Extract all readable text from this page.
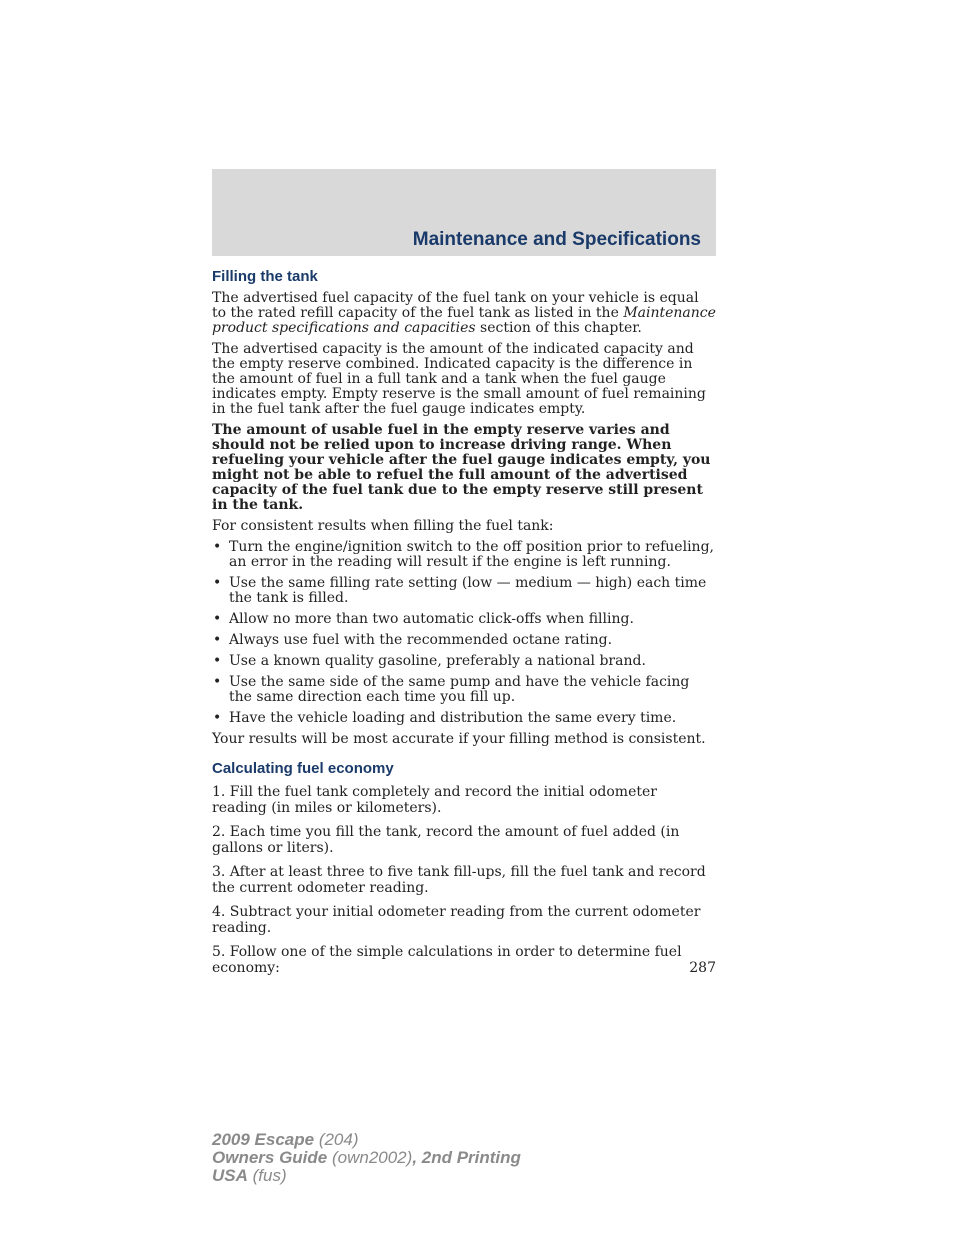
Maintenance and Specifications
Filling the tank

The advertised fuel capacity of the fuel tank on your vehicle is equal to the rated refill capacity of the fuel tank as listed in the Maintenance product specifications and capacities section of this chapter.

The advertised capacity is the amount of the indicated capacity and the empty reserve combined. Indicated capacity is the difference in the amount of fuel in a full tank and a tank when the fuel gauge indicates empty. Empty reserve is the small amount of fuel remaining in the fuel tank after the fuel gauge indicates empty.

The amount of usable fuel in the empty reserve varies and should not be relied upon to increase driving range. When refueling your vehicle after the fuel gauge indicates empty, you might not be able to refuel the full amount of the advertised capacity of the fuel tank due to the empty reserve still present in the tank.

For consistent results when filling the fuel tank:

• Turn the engine/ignition switch to the off position prior to refueling, an error in the reading will result if the engine is left running.
• Use the same filling rate setting (low — medium — high) each time the tank is filled.
• Allow no more than two automatic click-offs when filling.
• Always use fuel with the recommended octane rating.
• Use a known quality gasoline, preferably a national brand.
• Use the same side of the same pump and have the vehicle facing the same direction each time you fill up.
• Have the vehicle loading and distribution the same every time.

Your results will be most accurate if your filling method is consistent.

Calculating fuel economy

1. Fill the fuel tank completely and record the initial odometer reading (in miles or kilometers).

2. Each time you fill the tank, record the amount of fuel added (in gallons or liters).

3. After at least three to five tank fill-ups, fill the fuel tank and record the current odometer reading.

4. Subtract your initial odometer reading from the current odometer reading.

5. Follow one of the simple calculations in order to determine fuel economy:	287
2009 Escape (204)
Owners Guide (own2002), 2nd Printing
USA (fus)
